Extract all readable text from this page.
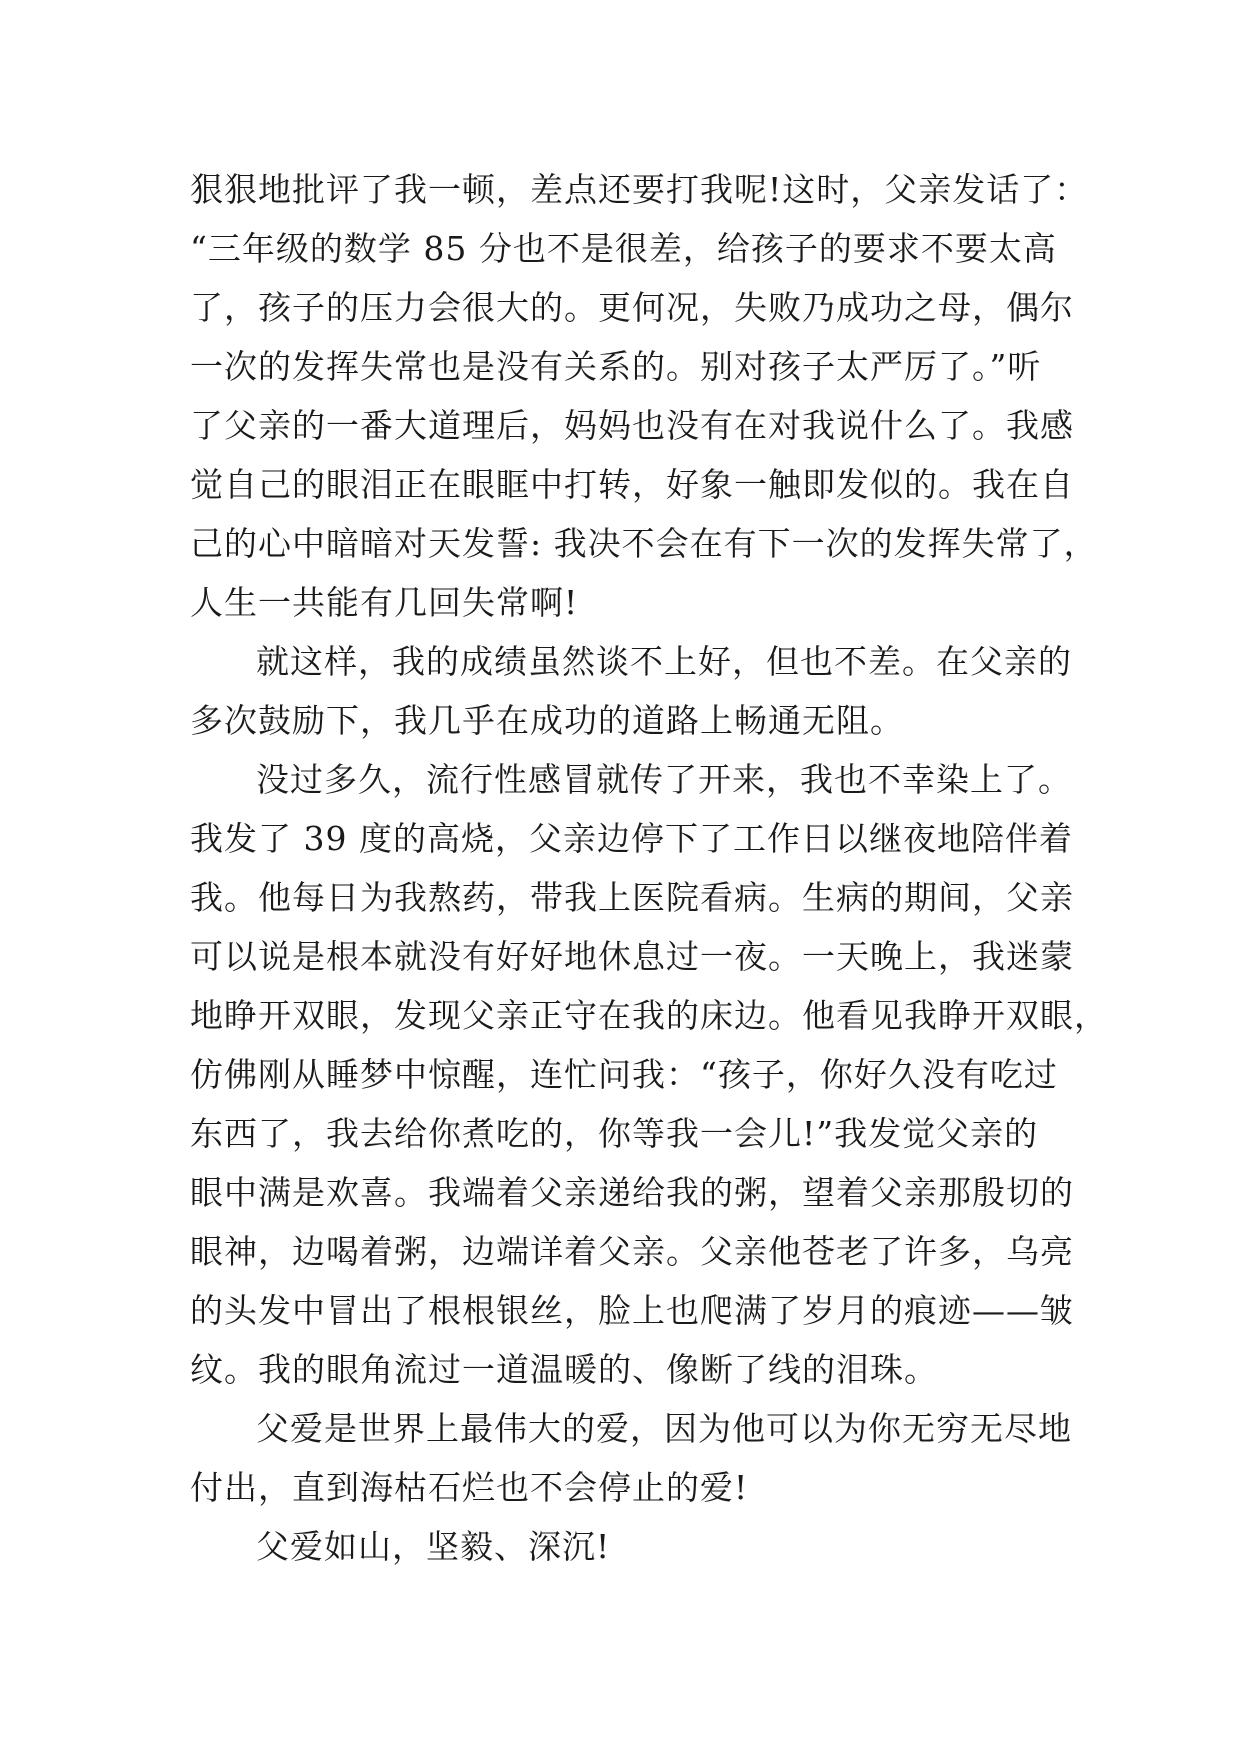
狠狠地批评了我一顿，差点还要打我呢!这时，父亲发话了：
“三年级的数学 85 分也不是很差，给孩子的要求不要太高
了，孩子的压力会很大的。更何况，失败乃成功之母，偶尔
一次的发挥失常也是没有关系的。别对孩子太严厉了。”听
了父亲的一番大道理后，妈妈也没有在对我说什么了。我感
觉自己的眼泪正在眼眶中打转，好象一触即发似的。我在自
己的心中暗暗对天发誓: 我决不会在有下一次的发挥失常了，
人生一共能有几回失常啊!
就这样，我的成绩虽然谈不上好，但也不差。在父亲的
多次鼓励下，我几乎在成功的道路上畅通无阻。
没过多久，流行性感冒就传了开来，我也不幸染上了。
我发了 39 度的高烧，父亲边停下了工作日以继夜地陪伴着
我。他每日为我熬药，带我上医院看病。生病的期间，父亲
可以说是根本就没有好好地休息过一夜。一天晚上，我迷蒙
地睁开双眼，发现父亲正守在我的床边。他看见我睁开双眼，
仿佛刚从睡梦中惊醒，连忙问我：“孩子，你好久没有吃过
东西了，我去给你煮吃的，你等我一会儿!”我发觉父亲的
眼中满是欢喜。我端着父亲递给我的粥，望着父亲那殷切的
眼神，边喝着粥，边端详着父亲。父亲他苍老了许多，乌亮
的头发中冒出了根根银丝，脸上也爬满了岁月的痕迹——皱
纹。我的眼角流过一道温暖的、像断了线的泪珠。
父爱是世界上最伟大的爱，因为他可以为你无穷无尽地
付出，直到海枯石烂也不会停止的爱!
父爱如山，坚毅、深沉!
